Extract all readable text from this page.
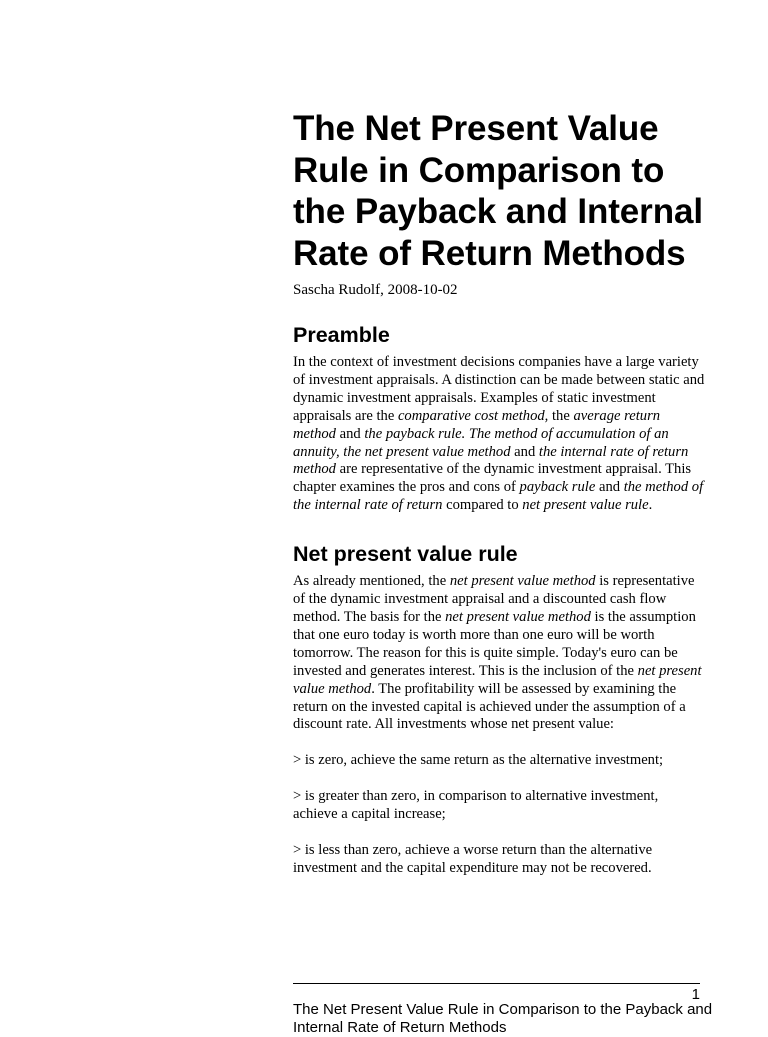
The Net Present Value Rule in Comparison to the Payback and Internal Rate of Return Methods

Sascha Rudolf, 2008-10-02

Preamble

In the context of investment decisions companies have a large variety of investment appraisals. A distinction can be made between static and dynamic investment appraisals. Examples of static investment appraisals are the comparative cost method, the average return method and the payback rule. The method of accumulation of an annuity, the net present value method and the internal rate of return method are representative of the dynamic investment appraisal. This chapter examines the pros and cons of payback rule and the method of the internal rate of return compared to net present value rule.

Net present value rule

As already mentioned, the net present value method is representative of the dynamic investment appraisal and a discounted cash flow method. The basis for the net present value method is the assumption that one euro today is worth more than one euro will be worth tomorrow. The reason for this is quite simple. Today's euro can be invested and generates interest. This is the inclusion of the net present value method. The profitability will be assessed by examining the return on the invested capital is achieved under the assumption of a discount rate. All investments whose net present value:

> is zero, achieve the same return as the alternative investment;

> is greater than zero, in comparison to alternative investment, achieve a capital increase;

> is less than zero, achieve a worse return than the alternative investment and the capital expenditure may not be recovered.

1
The Net Present Value Rule in Comparison to the Payback and Internal Rate of Return Methods
